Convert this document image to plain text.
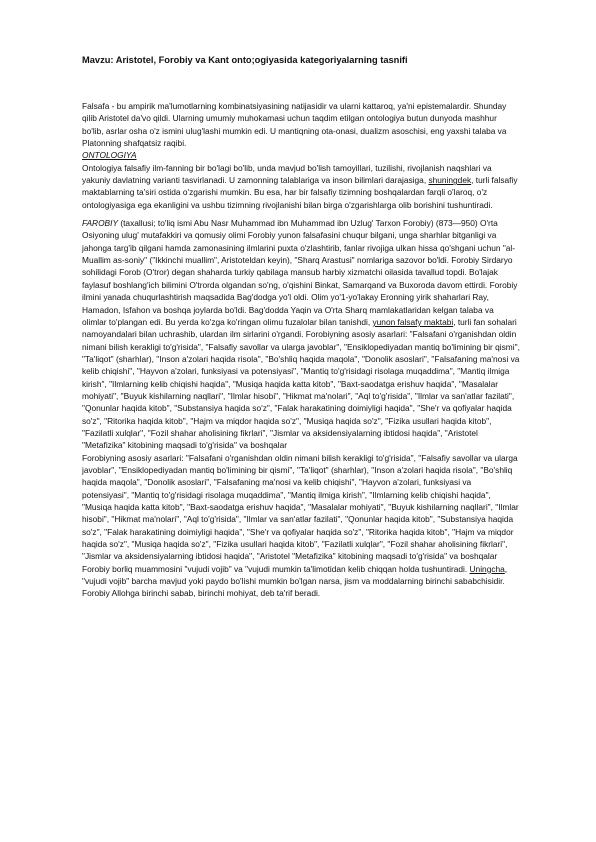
Mavzu: Aristotel, Forobiy va Kant onto;ogiyasida kategoriyalarning tasnifi

Falsafa - bu ampirik ma'lumotlarning kombinatsiyasining natijasidir va ularni kattaroq, ya'ni epistemalardir. Shunday qilib Aristotel da'vo qildi. Ularning umumiy muhokamasi uchun taqdim etilgan ontologiya butun dunyoda mashhur bo'lib, asrlar osha o'z ismini ulug'lashi mumkin edi. U mantiqning ota-onasi, dualizm asoschisi, eng yaxshi talaba va Platonning shafqatsiz raqibi.

ONTOLOGIYA

Ontologiya falsafiy ilm-fanning bir bo'lagi bo'lib, unda mavjud bo'lish tamoyillari, tuzilishi, rivojlanish naqshlari va yakuniy davlatning varianti tasvirlanadi. U zamonning talablariga va inson bilimlari darajasiga, shuningdek, turli falsafiy maktablarning ta'siri ostida o'zgarishi mumkin. Bu esa, har bir falsafiy tizimning boshqalardan farqli o'laroq, o'z ontologiyasiga ega ekanligini va ushbu tizimning rivojlanishi bilan birga o'zgarishlarga olib borishini tushuntiradi.

FAROBIY (taxallusi; to'liq ismi Abu Nasr Muhammad ibn Muhammad ibn Uzlug' Tarxon Forobiy) (873—950) O'rta Osiyoning ulug' mutafakkiri va qomusiy olimi Forobiy yunon falsafasini chuqur bilgani, unga sharhlar bitganligi va jahonga targ'ib qilgani hamda zamonasining ilmlarini puxta o'zlashtirib, fanlar rivojiga ulkan hissa qo'shgani uchun "al-Muallim as-soniy" ("Ikkinchi muallim", Aristoteldan keyin), "Sharq Arastusi" nomlariga sazovor bo'ldi. Forobiy Sirdaryo sohilidagi Forob (O'tror) degan shaharda turkiy qabilaga mansub harbiy xizmatchi oilasida tavallud topdi. Bo'lajak faylasuf boshlang'ich bilimini O'trorda olgandan so'ng, o'qishini Binkat, Samarqand va Buxoroda davom ettirdi. Forobiy ilmini yanada chuqurlashtirish maqsadida Bag'dodga yo'l oldi. Olim yo'1-yo'lakay Eronning yirik shaharlari Ray, Hamadon, Isfahon va boshqa joylarda bo'ldi. Bag'dodda Yaqin va O'rta Sharq mamlakatlaridan kelgan talaba va olimlar to'plangan edi. Bu yerda ko'zga ko'ringan olimu fuzalolar bilan tanishdi, yunon falsafy maktabi, turli fan sohalari namoyandalari bilan uchrashib, ulardan ilm sirlarini o'rgandi. Forobiyning asosiy asarlari: "Falsafani o'rganishdan oldin nimani bilish kerakligi to'g'risida", "Falsafiy savollar va ularga javoblar", "Ensiklopediyadan mantiq bo'limining bir qismi", "Ta'liqot" (sharhlar), "Inson a'zolari haqida risola", "Bo'shliq haqida maqola", "Donolik asoslari", "Falsafaning ma'nosi va kelib chiqishi", "Hayvon a'zolari, funksiyasi va potensiyasi", "Mantiq to'g'risidagi risolaga muqaddima", "Mantiq ilmiga kirish", "Ilmlarning kelib chiqishi haqida", "Musiqa haqida katta kitob", "Baxt-saodatga erishuv haqida", "Masalalar mohiyati", "Buyuk kishilarning naqllari", "Ilmlar hisobi", "Hikmat ma'nolari", "Aql to'g'risida", "Ilmlar va san'atlar fazilati", "Qonunlar haqida kitob", "Substansiya haqida so'z", "Falak harakatining doimiyligi haqida", "She'r va qofiyalar haqida so'z", "Ritorika haqida kitob", "Hajm va miqdor haqida so'z", "Musiqa haqida so'z", "Fizika usullari haqida kitob", "Fazilatli xulqlar", "Fozil shahar aholisining fikrlari", "Jismlar va aksidensiyalarning ibtidosi haqida", "Aristotel "Metafizika" kitobining maqsadi to'g'risida" va boshqalar

Forobiyning asosiy asarlari: "Falsafani o'rganishdan oldin nimani bilish kerakligi to'g'risida", "Falsafiy savollar va ularga javoblar", "Ensiklopediyadan mantiq bo'limining bir qismi", "Ta'liqot" (sharhlar), "Inson a'zolari haqida risola", "Bo'shliq haqida maqola", "Donolik asoslari", "Falsafaning ma'nosi va kelib chiqishi", "Hayvon a'zolari, funksiyasi va potensiyasi", "Mantiq to'g'risidagi risolaga muqaddima", "Mantiq ilmiga kirish", "Ilmlarning kelib chiqishi haqida", "Musiqa haqida katta kitob", "Baxt-saodatga erishuv haqida", "Masalalar mohiyati", "Buyuk kishilarning naqllari", "Ilmlar hisobi", "Hikmat ma'nolari", "Aql to'g'risida", "Ilmlar va san'atlar fazilati", "Qonunlar haqida kitob", "Substansiya haqida so'z", "Falak harakatining doimiyligi haqida", "She'r va qofiyalar haqida so'z", "Ritorika haqida kitob", "Hajm va miqdor haqida so'z", "Musiqa haqida so'z", "Fizika usullari haqida kitob", "Fazilatli xulqlar", "Fozil shahar aholisining fikrlari", "Jismlar va aksidensiyalarning ibtidosi haqida", "Aristotel "Metafizika" kitobining maqsadi to'g'risida" va boshqalar

Forobiy borliq muammosini "vujudi vojib" va "vujudi mumkin ta'limotidan kelib chiqqan holda tushuntiradi. Uningcha, "vujudi vojib" barcha mavjud yoki paydo bo'lishi mumkin bo'lgan narsa, jism va moddalarning birinchi sababchisidir. Forobiy Allohga birinchi sabab, birinchi mohiyat, deb ta'rif beradi.
